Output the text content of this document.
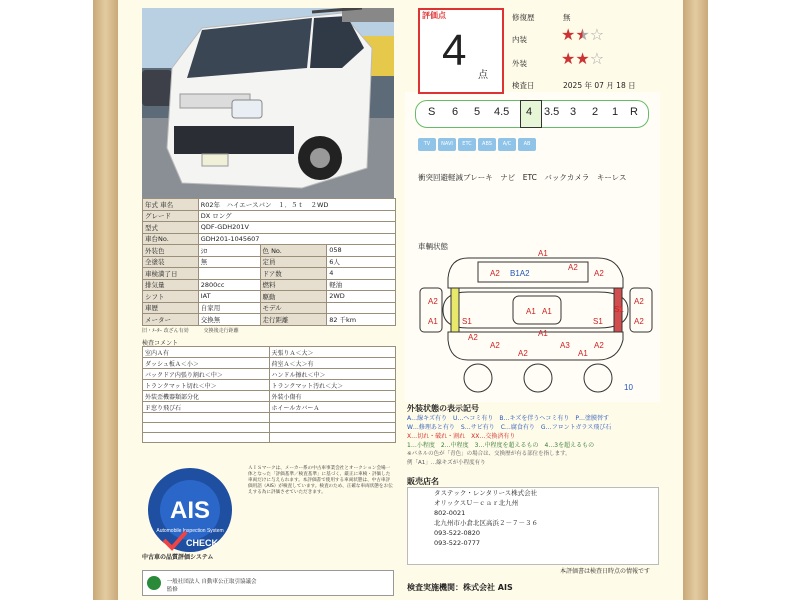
年式 車名	R02年　ハイエースバン　１．５ｔ　２WD		
グレード	DX ロング		
型式	QDF-GDH201V		
車台No.	GDH201-1045607		
外装色	ｼﾛ	色 No.	058
全塗装	無	定員	6人
車検満了日		ドア数	4
排気量	2800cc	燃料	軽油
シフト	IAT	駆動	2WD
車歴	自家用	モデル	
メーター	交換無	走行距離	82 千km
旧・ﾒｰﾀｰ 改ざん有効　　　交換後走行距離
検査コメント
室内Ａ有	天張りＡ＜大＞
ダッシュ板Ａ＜小＞	荷室Ａ＜大＞有
バックドア内張り割れ＜中＞	ハンドル擦れ＜中＞
トランクマット切れ＜中＞	トランクマット汚れ＜大＞
外装歪機器類部分化	外装小傷有
Ｆ窓り飛び石	ホイールカバーＡ

AIS
Automobile Inspection System
CHECK
中古車の品質評価システム
ＡＩＳマークは、メーカー系の中古車事業会社とオークション会場一体となった「評価基準／検査基準」に基づく、厳正に車検・評価した車両だけに与えられます。本評価書で使用する車両状態は、中古車評価用語（AIS）が検査しています。検査のため、正確な車両状態をお伝えする為に評価させていただきます。
一般社団法人 自動車公正取引協議会 監修
評価点
4
点
修復歴	無
内装 ★★☆
外装 ★★☆
検査日	2025 年 07 月 18 日
S 6 5 4.5 4 3.5 3 2 1 R
TV NAVI ETC ABS A/C AB
衝突回避軽減ブレーキ　ナビ　ETC　バックカメラ　キーレス
車輌状態
A2 B1A2
A1
A2
A2
A1 A1
S1	S1
A2
A1
A2
A2
A2	A3
A2
A2
A2	A1
A1
S1
10
外装状態の表示記号
A…線キズ有り　U…ヘコミ有り　B…キズを伴うヘコミ有り　P…塗膜替す
W…修理あと有り　S…サビ有り　C…腐食有り　G…フロントガラス飛び石
X…切れ・破れ・割れ　XX…交換済有り
1…小程度　2…中程度　3…中程度を超えるもの　4…3を超えるもの
※パネルの色が「青色」の場合は、交換歴が有る部位を指します。
例「A1」…線キズが小程度有り
販売店名
タステック・レンタリース株式会社
オリックスＵ－ｃａｒ北九州
802-0021
北九州市小倉北区高浜２－７－３６
093-522-0820
093-522-0777
本評価書は検査日時点の情報です
検査実施機関：株式会社 AIS
